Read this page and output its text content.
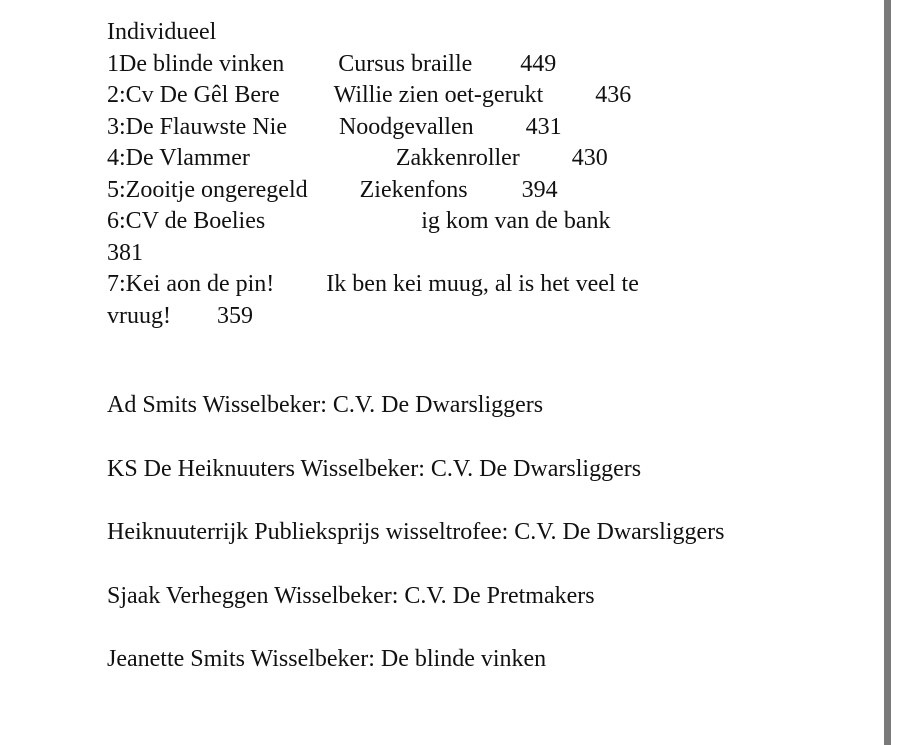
Individueel
1De blinde vinken Cursus braille 449
2:Cv De Gêl Bere Willie zien oet-gerukt 436
3:De Flauwste Nie Noodgevallen 431
4:De Vlammer	Zakkenroller 430
5:Zooitje ongeregeld Ziekenfons 394
6:CV de Boelies	ig kom van de bank
381
7:Kei aon de pin! Ik ben kei muug, al is het veel te
vruug! 359

Ad Smits Wisselbeker: C.V. De Dwarsliggers

KS De Heiknuuters Wisselbeker: C.V. De Dwarsliggers

Heiknuuterrijk Publieksprijs wisseltrofee: C.V. De Dwarsliggers

Sjaak Verheggen Wisselbeker: C.V. De Pretmakers

Jeanette Smits Wisselbeker: De blinde vinken
